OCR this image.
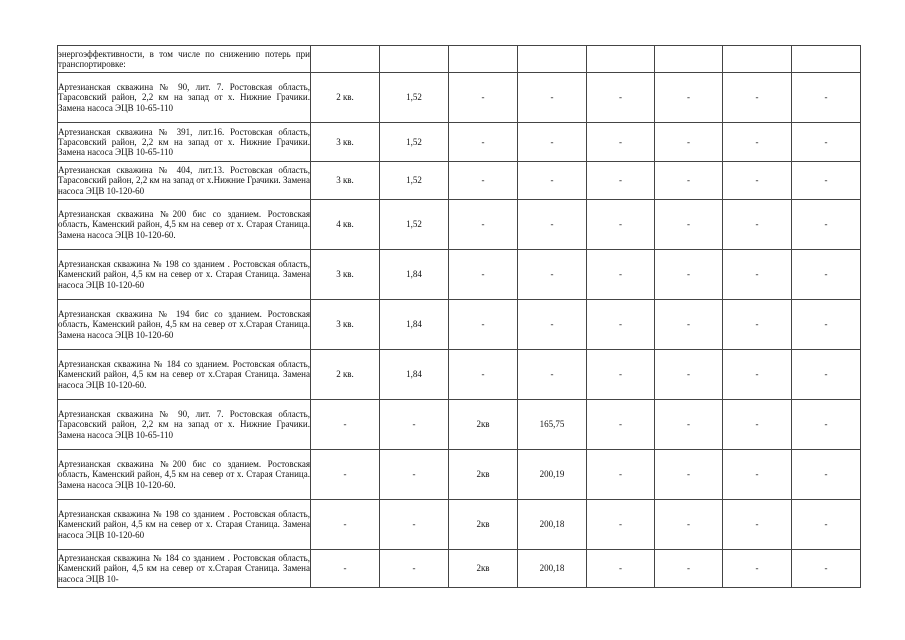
энергоэффективности, в том числе по снижению потерь при транспортировке:								
Артезианская скважина № 90, лит. 7. Ростовская область, Тарасовский район, 2,2 км на запад от х. Нижние Грачики. Замена насоса ЭЦВ 10-65-110	2 кв.	1,52	-	-	-	-	-	-
Артезианская скважина № 391, лит.16. Ростовская область, Тарасовский район, 2,2 км на запад от х. Нижние Грачики. Замена насоса ЭЦВ 10-65-110	3 кв.	1,52	-	-	-	-	-	-
Артезианская скважина № 404, лит.13. Ростовская область, Тарасовский район, 2,2 км на запад от х.Нижние Грачики. Замена насоса ЭЦВ 10-120-60	3 кв.	1,52	-	-	-	-	-	-
Артезианская скважина №200 бис со зданием. Ростовская область, Каменский район, 4,5 км на север от х. Старая Станица. Замена насоса ЭЦВ 10-120-60.	4 кв.	1,52	-	-	-	-	-	-
Артезианская скважина № 198 со зданием . Ростовская область, Каменский район, 4,5 км на север от х. Старая Станица. Замена насоса ЭЦВ 10-120-60	3 кв.	1,84	-	-	-	-	-	-
Артезианская скважина № 194 бис со зданием. Ростовская область, Каменский район, 4,5 км на север от х.Старая Станица. Замена насоса ЭЦВ 10-120-60	3 кв.	1,84	-	-	-	-	-	-
Артезианская скважина № 184 со зданием. Ростовская область, Каменский район, 4,5 км на север от х.Старая Станица. Замена насоса ЭЦВ 10-120-60.	2 кв.	1,84	-	-	-	-	-	-
Артезианская скважина № 90, лит. 7. Ростовская область, Тарасовский район, 2,2 км на запад от х. Нижние Грачики. Замена насоса ЭЦВ 10-65-110	-	-	2кв	165,75	-	-	-	-
Артезианская скважина №200 бис со зданием. Ростовская область, Каменский район, 4,5 км на север от х. Старая Станица. Замена насоса ЭЦВ 10-120-60.	-	-	2кв	200,19	-	-	-	-
Артезианская скважина № 198 со зданием . Ростовская область, Каменский район, 4,5 км на север от х. Старая Станица. Замена насоса ЭЦВ 10-120-60	-	-	2кв	200,18	-	-	-	-
Артезианская скважина № 184 со зданием . Ростовская область, Каменский район, 4,5 км на север от х.Старая Станица. Замена насоса ЭЦВ 10-	-	-	2кв	200,18	-	-	-	-
